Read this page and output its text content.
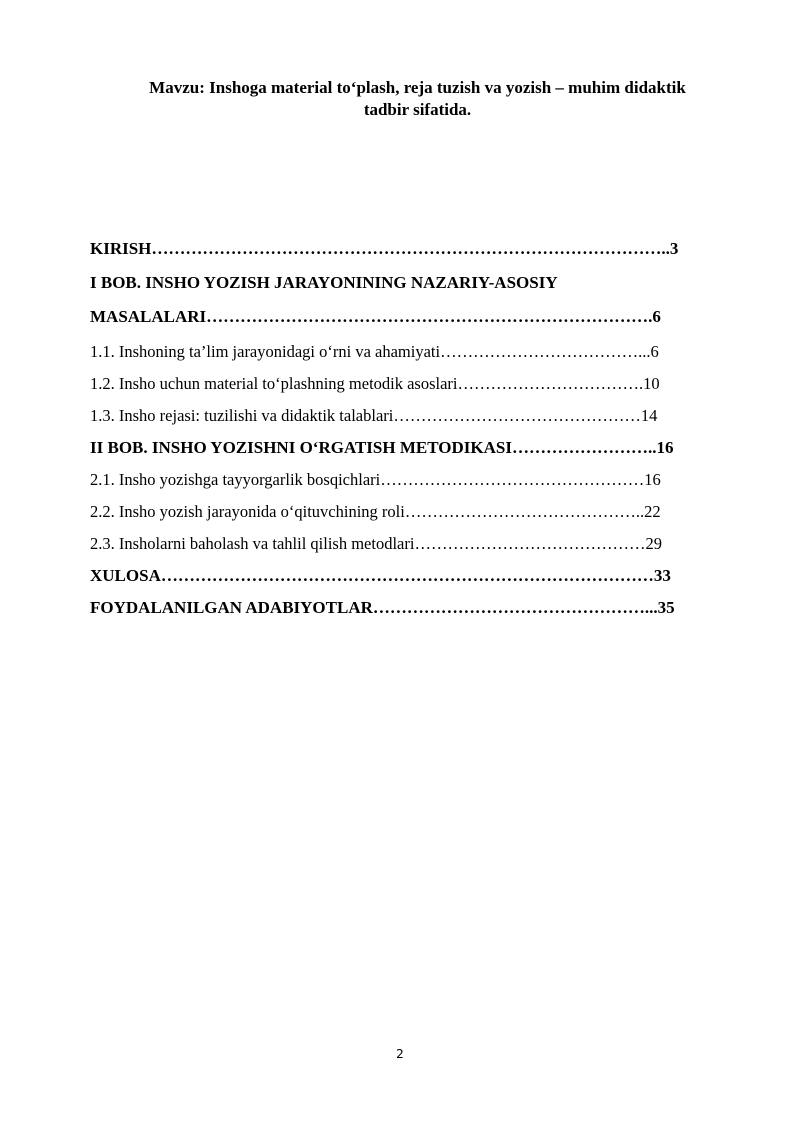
Mavzu: Inshoga material to‘plash, reja tuzish va yozish – muhim didaktik
tadbir sifatida.
KIRISH………………………………………………………………………………..3
I BOB. INSHO YOZISH JARAYONINING NAZARIY-ASOSIY
MASALALARI…………………………………………………………………….6
1.1. Inshoning ta’lim jarayonidagi o‘rni va ahamiyati………………………………...6
1.2. Insho uchun material to‘plashning metodik asoslari…………………………….10
1.3. Insho rejasi: tuzilishi va didaktik talablari………………………………………14
II BOB. INSHO YOZISHNI O‘RGATISH METODIKASI……………………..16
2.1. Insho yozishga tayyorgarlik bosqichlari…………………………………………16
2.2. Insho yozish jarayonida o‘qituvchining roli……………………………………..22
2.3. Insholarni baholash va tahlil qilish metodlari……………………………………29
XULOSA……………………………………………………………………………33
FOYDALANILGAN ADABIYOTLAR…………………………………………...35
2
